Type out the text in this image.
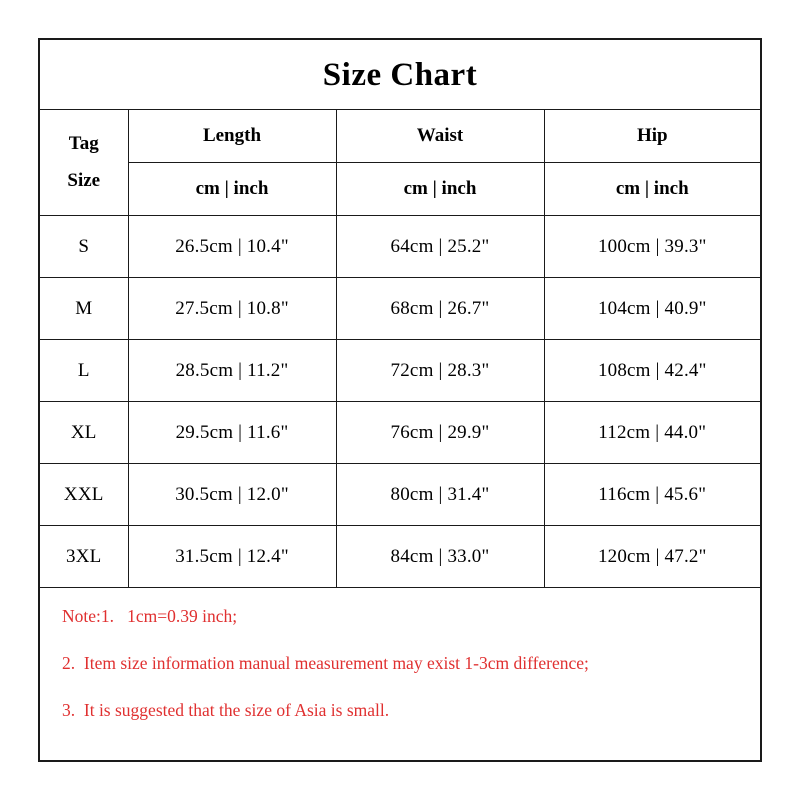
Size Chart
Tag
Size	Length	Waist	Hip
	cm | inch	cm | inch	cm | inch
S	26.5cm | 10.4"	64cm | 25.2"	100cm | 39.3"
M	27.5cm | 10.8"	68cm | 26.7"	104cm | 40.9"
L	28.5cm | 11.2"	72cm | 28.3"	108cm | 42.4"
XL	29.5cm | 11.6"	76cm | 29.9"	112cm | 44.0"
XXL	30.5cm | 12.0"	80cm | 31.4"	116cm | 45.6"
3XL	31.5cm | 12.4"	84cm | 33.0"	120cm | 47.2"

Note:1.   1cm=0.39 inch;

2.  Item size information manual measurement may exist 1-3cm difference;

3.  It is suggested that the size of Asia is small.
